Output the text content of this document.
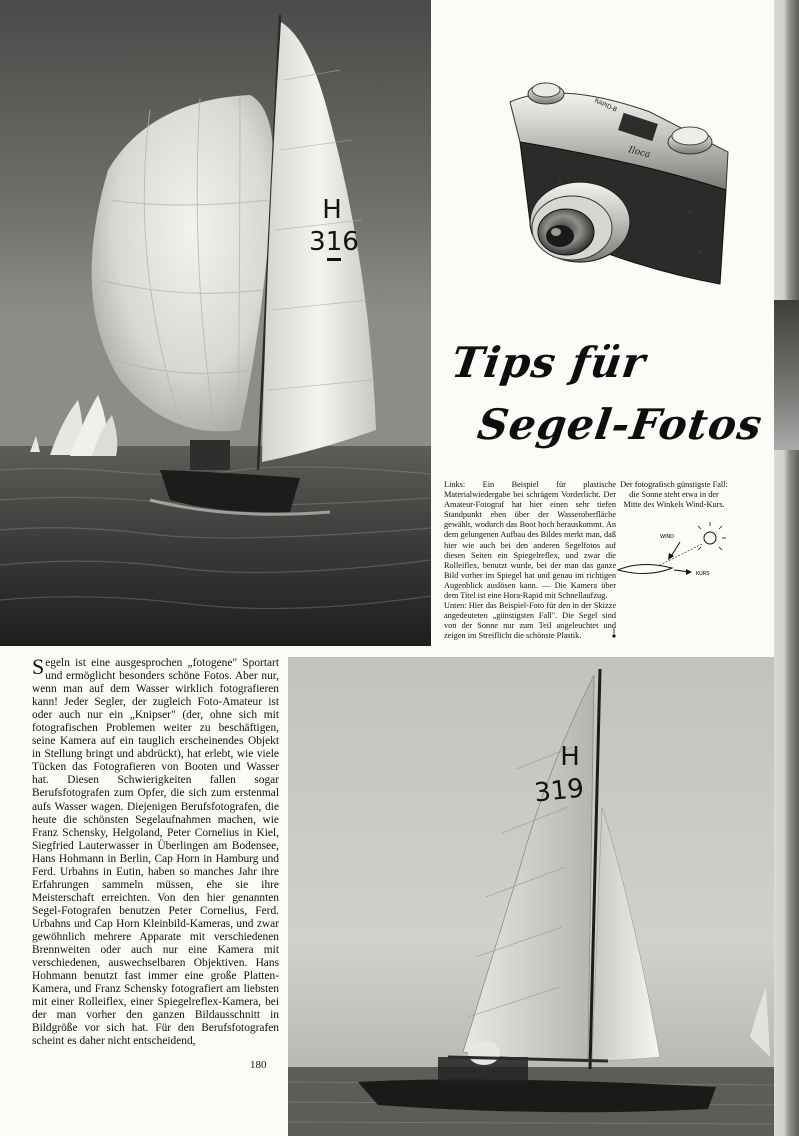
H
316
Iloca
RAPID-B
Tips für
Segel-Fotos

Links: Ein Beispiel für plastische Materialwiedergabe bei schrägem Vorderlicht. Der Amateur-Fotograf hat hier einen sehr tiefen Standpunkt eben über der Wasseroberfläche gewählt, wodurch das Boot hoch herauskommt. An dem gelungenen Aufbau des Bildes merkt man, daß hier wie auch bei den anderen Segelfotos auf diesen Seiten ein Spiegelreflex, und zwar die Rolleiflex, benutzt wurde, bei der man das ganze Bild vorher im Spiegel hat und genau im richtigen Augenblick auslösen kann. — Die Kamera über dem Titel ist eine Hora-Rapid mit Schnellaufzug.

Unten: Hier das Beispiel-Foto für den in der Skizze angedeuteten „günstigsten Fall". Die Segel sind von der Sonne nur zum Teil angeleuchtet und zeigen im Streiflicht die schönste Plastik.

Der fotografisch günstigste Fall: die Sonne steht etwa in der Mitte des Winkels Wind-Kurs.
WIND
KURS
Segeln ist eine ausgesprochen „fotogene" Sportart und ermöglicht besonders schöne Fotos. Aber nur, wenn man auf dem Wasser wirklich fotografieren kann! Jeder Segler, der zugleich Foto-Amateur ist oder auch nur ein „Knipser" (der, ohne sich mit fotografischen Problemen weiter zu beschäftigen, seine Kamera auf ein tauglich erscheinendes Objekt in Stellung bringt und abdrückt), hat erlebt, wie viele Tücken das Fotografieren von Booten und Wasser hat. Diesen Schwierigkeiten fallen sogar Berufsfotografen zum Opfer, die sich zum erstenmal aufs Wasser wagen. Diejenigen Berufsfotografen, die heute die schönsten Segelaufnahmen machen, wie Franz Schensky, Helgoland, Peter Cornelius in Kiel, Siegfried Lauterwasser in Überlingen am Bodensee, Hans Hohmann in Berlin, Cap Horn in Hamburg und Ferd. Urbahns in Eutin, haben so manches Jahr ihre Erfahrungen sammeln müssen, ehe sie ihre Meisterschaft erreichten. Von den hier genannten Segel-Fotografen benutzen Peter Cornelius, Ferd. Urbahns und Cap Horn Kleinbild-Kameras, und zwar gewöhnlich mehrere Apparate mit verschiedenen Brennweiten oder auch nur eine Kamera mit verschiedenen, auswechselbaren Objektiven. Hans Hohmann benutzt fast immer eine große Platten-Kamera, und Franz Schensky fotografiert am liebsten mit einer Rolleiflex, einer Spiegelreflex-Kamera, bei der man vorher den ganzen Bildausschnitt in Bildgröße vor sich hat. Für den Berufsfotografen scheint es daher nicht entscheidend,
180
H
319
